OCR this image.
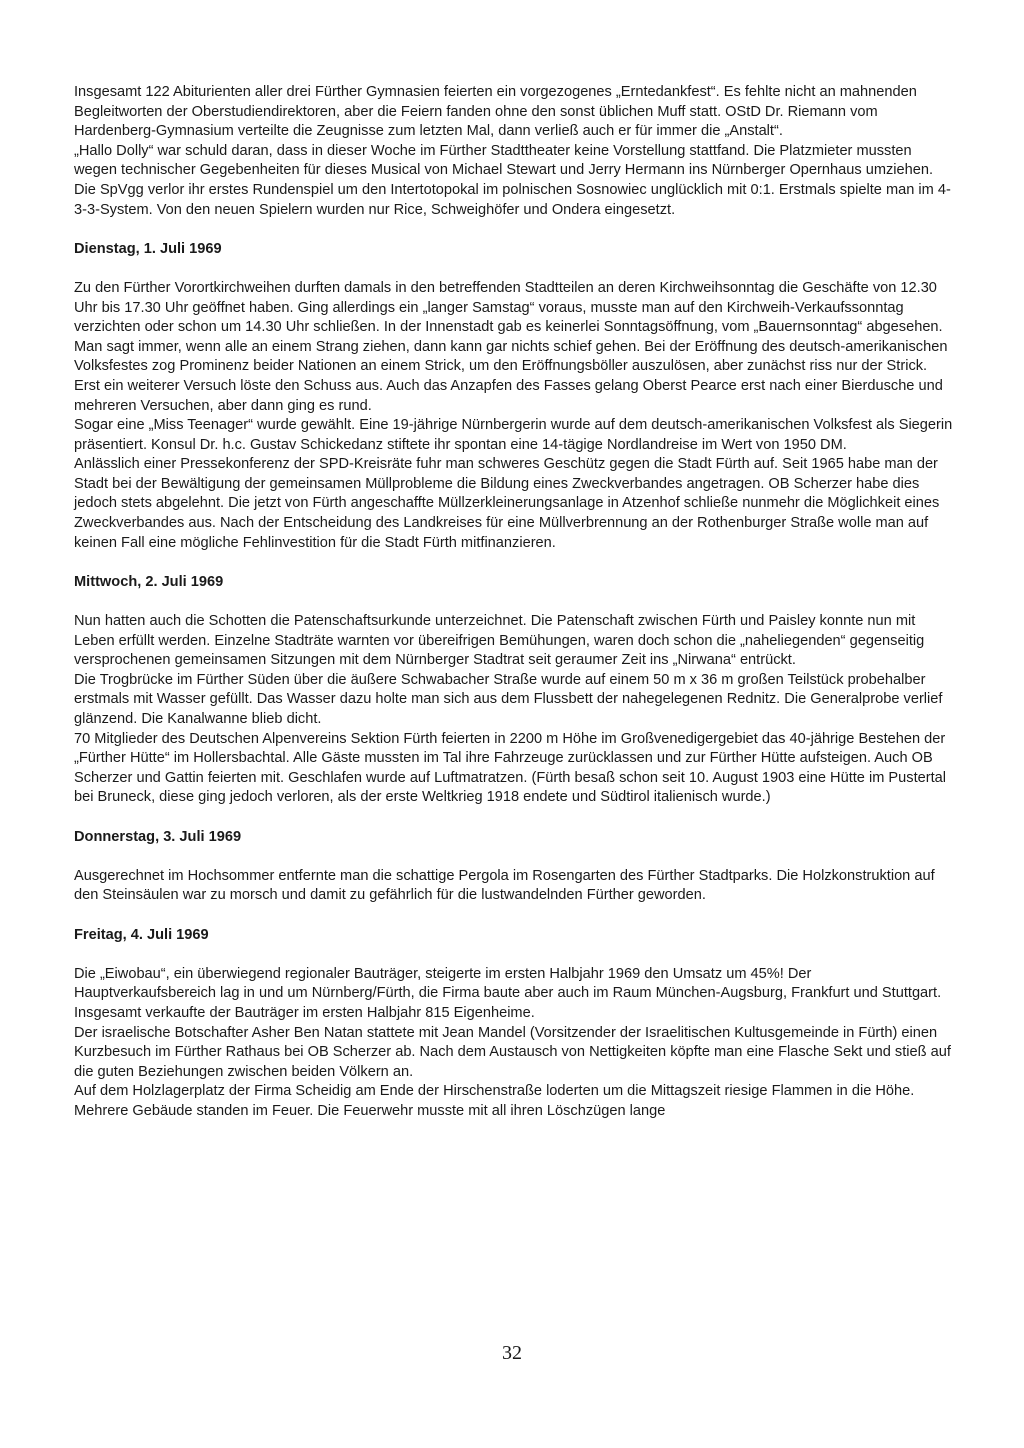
Insgesamt 122 Abiturienten aller drei Fürther Gymnasien feierten ein vorgezogenes „Erntedankfest“. Es fehlte nicht an mahnenden Begleitworten der Oberstudiendirektoren, aber die Feiern fanden ohne den sonst üblichen Muff statt. OStD Dr. Riemann vom Hardenberg-Gymnasium verteilte die Zeugnisse zum letzten Mal, dann verließ auch er für immer die „Anstalt“.

„Hallo Dolly“ war schuld daran, dass in dieser Woche im Fürther Stadttheater keine Vorstellung stattfand. Die Platzmieter mussten wegen technischer Gegebenheiten für dieses Musical von Michael Stewart und Jerry Hermann ins Nürnberger Opernhaus umziehen.

Die SpVgg verlor ihr erstes Rundenspiel um den Intertotopokal im polnischen Sosnowiec unglücklich mit 0:1. Erstmals spielte man im 4-3-3-System. Von den neuen Spielern wurden nur Rice, Schweighöfer und Ondera eingesetzt.

Dienstag, 1. Juli 1969

Zu den Fürther Vorortkirchweihen durften damals in den betreffenden Stadtteilen an deren Kirchweihsonntag die Geschäfte von 12.30 Uhr bis 17.30 Uhr geöffnet haben. Ging allerdings ein „langer Samstag“ voraus, musste man auf den Kirchweih-Verkaufssonntag verzichten oder schon um 14.30 Uhr schließen. In der Innenstadt gab es keinerlei Sonntagsöffnung, vom „Bauernsonntag“ abgesehen.

Man sagt immer, wenn alle an einem Strang ziehen, dann kann gar nichts schief gehen. Bei der Eröffnung des deutsch-amerikanischen Volksfestes zog Prominenz beider Nationen an einem Strick, um den Eröffnungsböller auszulösen, aber zunächst riss nur der Strick. Erst ein weiterer Versuch löste den Schuss aus. Auch das Anzapfen des Fasses gelang Oberst Pearce erst nach einer Bierdusche und mehreren Versuchen, aber dann ging es rund.

Sogar eine „Miss Teenager“ wurde gewählt. Eine 19-jährige Nürnbergerin wurde auf dem deutsch-amerikanischen Volksfest als Siegerin präsentiert. Konsul Dr. h.c. Gustav Schickedanz stiftete ihr spontan eine 14-tägige Nordlandreise im Wert von 1950 DM.

Anlässlich einer Pressekonferenz der SPD-Kreisräte fuhr man schweres Geschütz gegen die Stadt Fürth auf. Seit 1965 habe man der Stadt bei der Bewältigung der gemeinsamen Müllprobleme die Bildung eines Zweckverbandes angetragen. OB Scherzer habe dies jedoch stets abgelehnt. Die jetzt von Fürth angeschaffte Müllzerkleinerungsanlage in Atzenhof schließe nunmehr die Möglichkeit eines Zweckverbandes aus. Nach der Entscheidung des Landkreises für eine Müllverbrennung an der Rothenburger Straße wolle man auf keinen Fall eine mögliche Fehlinvestition für die Stadt Fürth mitfinanzieren.

Mittwoch, 2. Juli 1969

Nun hatten auch die Schotten die Patenschaftsurkunde unterzeichnet. Die Patenschaft zwischen Fürth und Paisley konnte nun mit Leben erfüllt werden. Einzelne Stadträte warnten vor übereifrigen Bemühungen, waren doch schon die „naheliegenden“ gegenseitig versprochenen gemeinsamen Sitzungen mit dem Nürnberger Stadtrat seit geraumer Zeit ins „Nirwana“ entrückt.

Die Trogbrücke im Fürther Süden über die äußere Schwabacher Straße wurde auf einem 50 m x 36 m großen Teilstück probehalber erstmals mit Wasser gefüllt. Das Wasser dazu holte man sich aus dem Flussbett der nahegelegenen Rednitz. Die Generalprobe verlief glänzend. Die Kanalwanne blieb dicht.

70 Mitglieder des Deutschen Alpenvereins Sektion Fürth feierten in 2200 m Höhe im Großvenedigergebiet das 40-jährige Bestehen der „Fürther Hütte“ im Hollersbachtal. Alle Gäste mussten im Tal ihre Fahrzeuge zurücklassen und zur Fürther Hütte aufsteigen. Auch OB Scherzer und Gattin feierten mit. Geschlafen wurde auf Luftmatratzen. (Fürth besaß schon seit 10. August 1903 eine Hütte im Pustertal bei Bruneck, diese ging jedoch verloren, als der erste Weltkrieg 1918 endete und Südtirol italienisch wurde.)

Donnerstag, 3. Juli 1969

Ausgerechnet im Hochsommer entfernte man die schattige Pergola im Rosengarten des Fürther Stadtparks. Die Holzkonstruktion auf den Steinsäulen war zu morsch und damit zu gefährlich für die lustwandelnden Fürther geworden.

Freitag, 4. Juli 1969

Die „Eiwobau“, ein überwiegend regionaler Bauträger, steigerte im ersten Halbjahr 1969 den Umsatz um 45%! Der Hauptverkaufsbereich lag in und um Nürnberg/Fürth, die Firma baute aber auch im Raum München-Augsburg, Frankfurt und Stuttgart. Insgesamt verkaufte der Bauträger im ersten Halbjahr 815 Eigenheime.

Der israelische Botschafter Asher Ben Natan stattete mit Jean Mandel (Vorsitzender der Israelitischen Kultusgemeinde in Fürth) einen Kurzbesuch im Fürther Rathaus bei OB Scherzer ab. Nach dem Austausch von Nettigkeiten köpfte man eine Flasche Sekt und stieß auf die guten Beziehungen zwischen beiden Völkern an.

Auf dem Holzlagerplatz der Firma Scheidig am Ende der Hirschenstraße loderten um die Mittagszeit riesige Flammen in die Höhe. Mehrere Gebäude standen im Feuer. Die Feuerwehr musste mit all ihren Löschzügen lange

32
